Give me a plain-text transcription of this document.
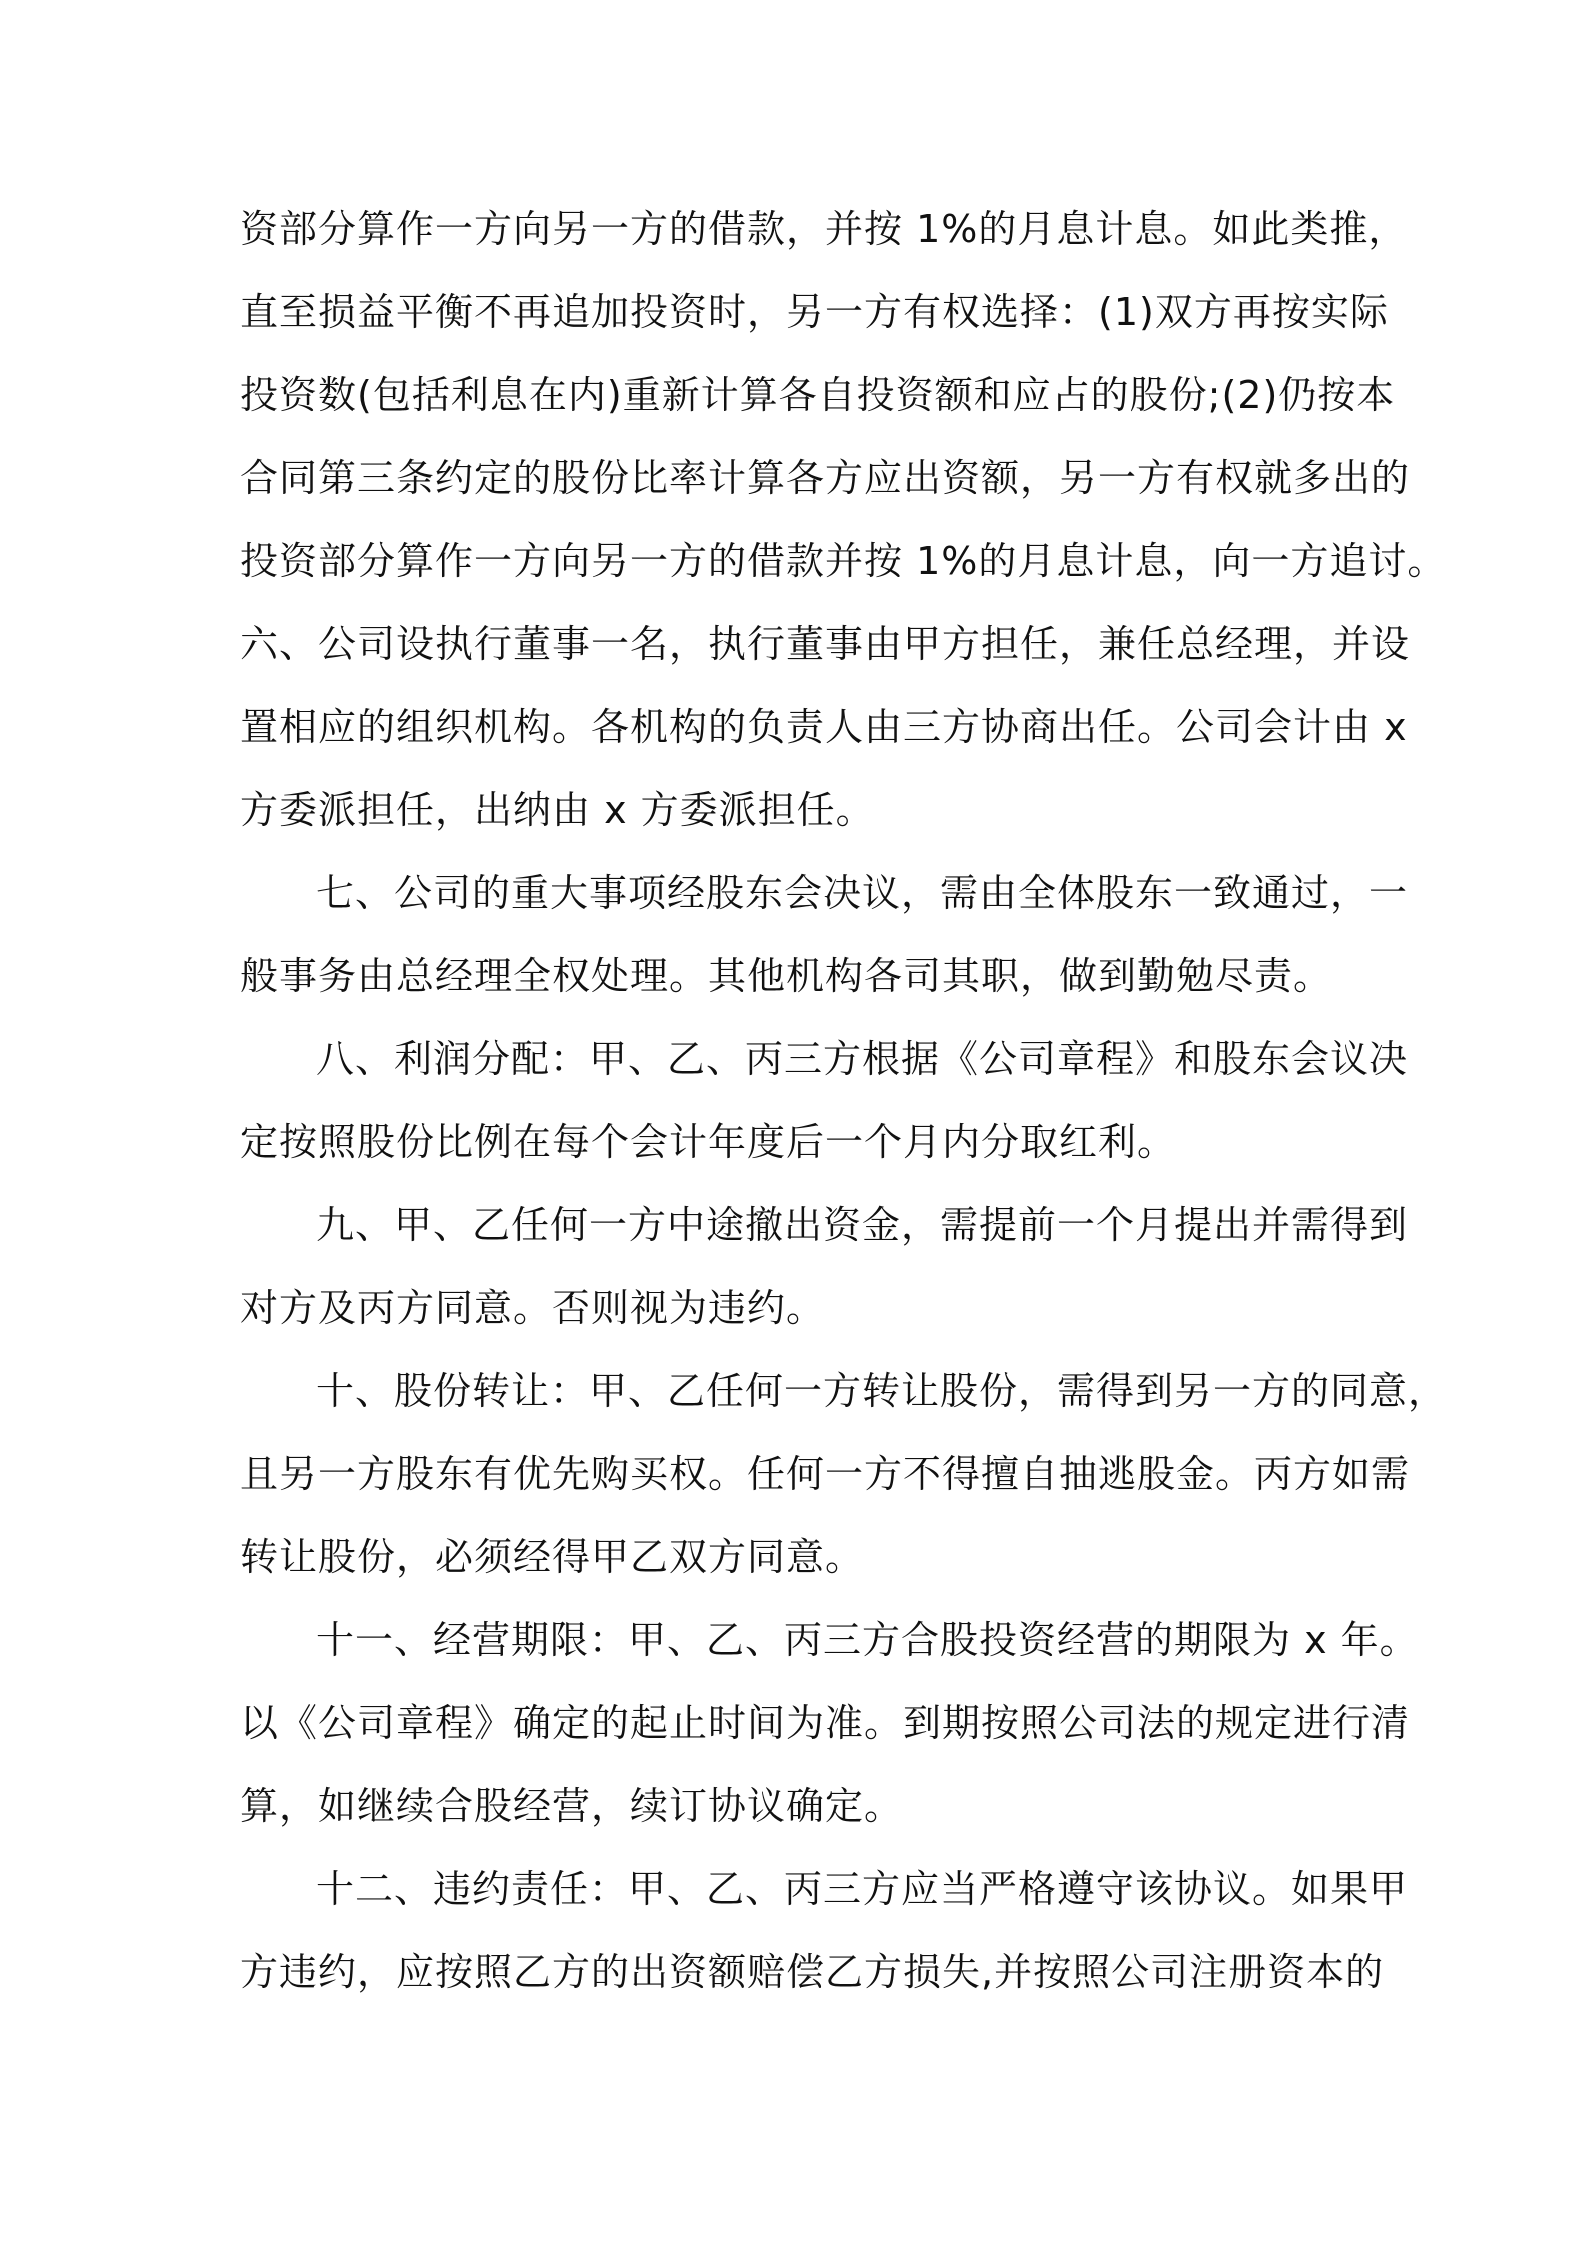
资部分算作一方向另一方的借款，并按 1%的月息计息。如此类推，
直至损益平衡不再追加投资时，另一方有权选择：(1)双方再按实际
投资数(包括利息在内)重新计算各自投资额和应占的股份;(2)仍按本
合同第三条约定的股份比率计算各方应出资额，另一方有权就多出的
投资部分算作一方向另一方的借款并按 1%的月息计息，向一方追讨。
六、公司设执行董事一名，执行董事由甲方担任，兼任总经理，并设
置相应的组织机构。各机构的负责人由三方协商出任。公司会计由 x
方委派担任，出纳由 x 方委派担任。
七、公司的重大事项经股东会决议，需由全体股东一致通过，一
般事务由总经理全权处理。其他机构各司其职，做到勤勉尽责。
八、利润分配：甲、乙、丙三方根据《公司章程》和股东会议决
定按照股份比例在每个会计年度后一个月内分取红利。
九、甲、乙任何一方中途撤出资金，需提前一个月提出并需得到
对方及丙方同意。否则视为违约。
十、股份转让：甲、乙任何一方转让股份，需得到另一方的同意，
且另一方股东有优先购买权。任何一方不得擅自抽逃股金。丙方如需
转让股份，必须经得甲乙双方同意。
十一、经营期限：甲、乙、丙三方合股投资经营的期限为 x 年。
以《公司章程》确定的起止时间为准。到期按照公司法的规定进行清
算，如继续合股经营，续订协议确定。
十二、违约责任：甲、乙、丙三方应当严格遵守该协议。如果甲
方违约，应按照乙方的出资额赔偿乙方损失,并按照公司注册资本的
